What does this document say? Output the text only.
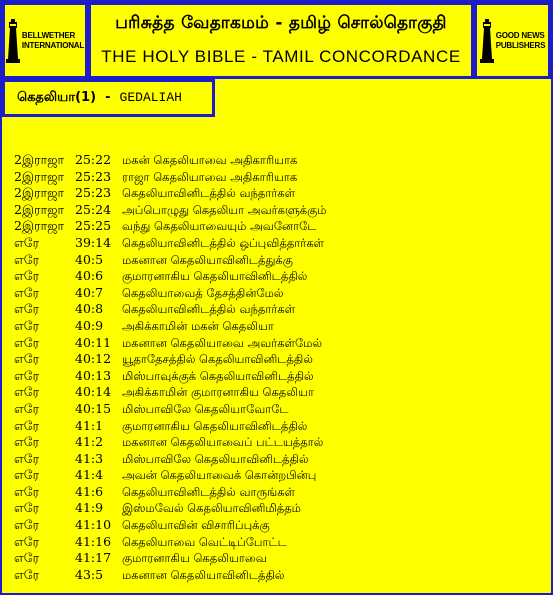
BELLWETHER
INTERNATIONAL
பரிசுத்த வேதாகமம் - தமிழ் சொல்தொகுதி
THE HOLY BIBLE - TAMIL CONCORDANCE
GOOD NEWS
PUBLISHERS
கெதலியா(1) - GEDALIAH
2இராஜா 25:22 மகன் கெதலியாவை அதிகாரியாக
2இராஜா 25:23 ராஜா கெதலியாவை அதிகாரியாக
2இராஜா 25:23 கெதலியாவினிடத்தில் வந்தார்கள்
2இராஜா 25:24 அப்பொழுது கெதலியா அவர்களுக்கும்
2இராஜா 25:25 வந்து கெதலியாவையும் அவனோடே
எரே	39:14 கெதலியாவினிடத்தில் ஒப்புவித்தார்கள்
எரே	40:5 மகனான கெதலியாவினிடத்துக்கு
எரே	40:6 குமாரனாகிய கெதலியாவினிடத்தில்
எரே	40:7 கெதலியாவைத் தேசத்தின்மேல்
எரே	40:8 கெதலியாவினிடத்தில் வந்தார்கள்
எரே	40:9 அகிக்காமின் மகன் கெதலியா
எரே	40:11 மகனான கெதலியாவை அவர்கள்மேல்
எரே	40:12 யூதாதேசத்தில் கெதலியாவினிடத்தில்
எரே	40:13 மிஸ்பாவுக்குக் கெதலியாவினிடத்தில்
எரே	40:14 அகிக்காமின் குமாரனாகிய கெதலியா
எரே	40:15 மிஸ்பாவிலே கெதலியாவோடே
எரே	41:1 குமாரனாகிய கெதலியாவினிடத்தில்
எரே	41:2 மகனான கெதலியாவைப் பட்டயத்தால்
எரே	41:3 மிஸ்பாவிலே கெதலியாவினிடத்தில்
எரே	41:4 அவன் கெதலியாவைக் கொன்றபின்பு
எரே	41:6 கெதலியாவினிடத்தில் வாருங்கள்
எரே	41:9 இஸ்மவேல் கெதலியாவினிமித்தம்
எரே	41:10 கெதலியாவின் விசாரிப்புக்கு
எரே	41:16 கெதலியாவை வெட்டிப்போட்ட
எரே	41:17 குமாரனாகிய கெதலியாவை
எரே	43:5 மகனான கெதலியாவினிடத்தில்
